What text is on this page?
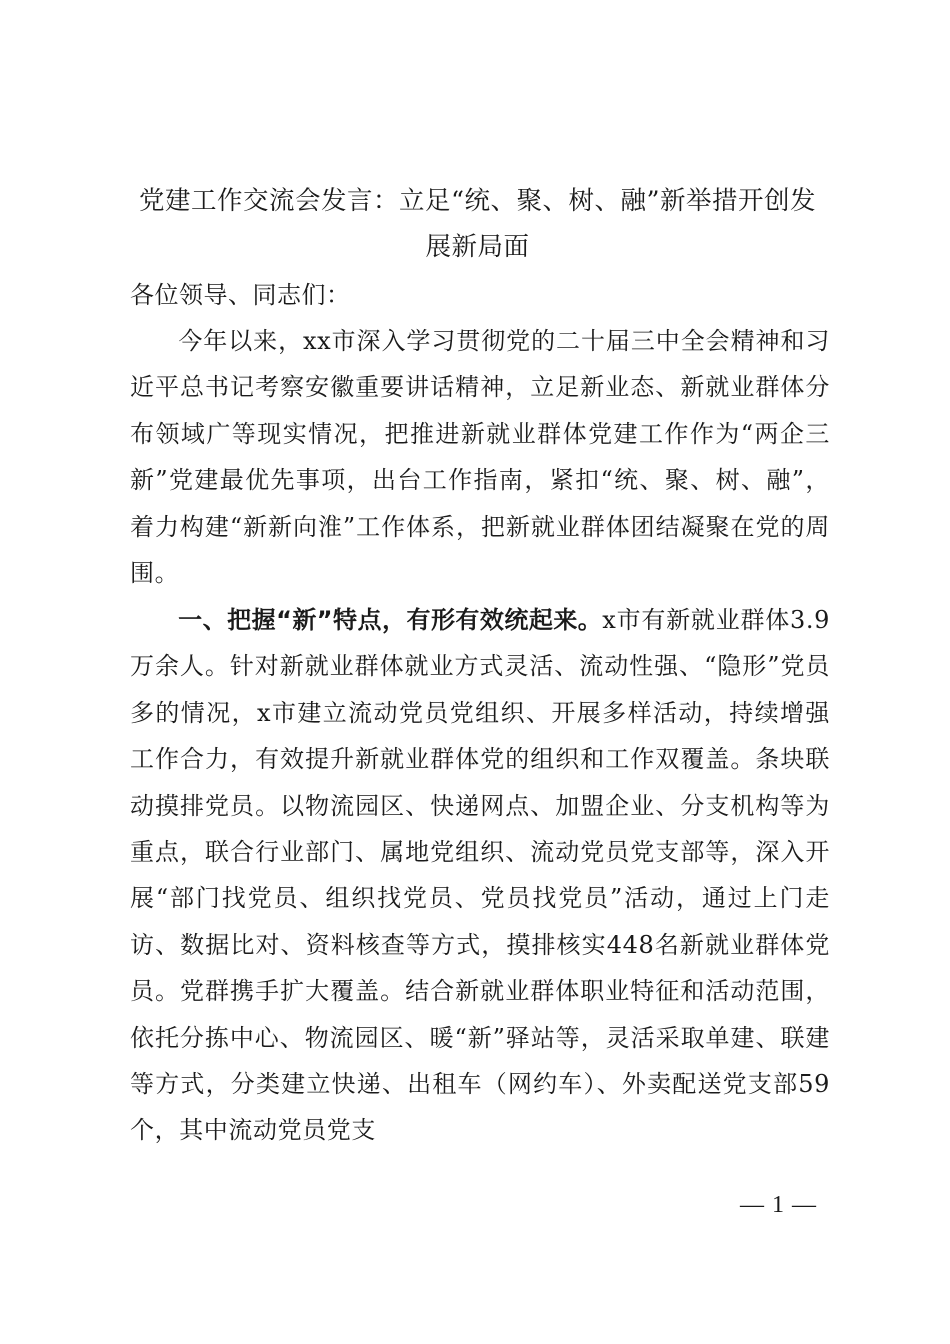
党建工作交流会发言：立足“统、聚、树、融”新举措开创发展新局面
各位领导、同志们：
今年以来，xx市深入学习贯彻党的二十届三中全会精神和习近平总书记考察安徽重要讲话精神，立足新业态、新就业群体分布领域广等现实情况，把推进新就业群体党建工作作为“两企三新”党建最优先事项，出台工作指南，紧扣“统、聚、树、融”，着力构建“新新向淮”工作体系，把新就业群体团结凝聚在党的周围。
一、把握“新”特点，有形有效统起来。x市有新就业群体3.9万余人。针对新就业群体就业方式灵活、流动性强、“隐形”党员多的情况，x市建立流动党员党组织、开展多样活动，持续增强工作合力，有效提升新就业群体党的组织和工作双覆盖。条块联动摸排党员。以物流园区、快递网点、加盟企业、分支机构等为重点，联合行业部门、属地党组织、流动党员党支部等，深入开展“部门找党员、组织找党员、党员找党员”活动，通过上门走访、数据比对、资料核查等方式，摸排核实448名新就业群体党员。党群携手扩大覆盖。结合新就业群体职业特征和活动范围，依托分拣中心、物流园区、暖“新”驿站等，灵活采取单建、联建等方式，分类建立快递、出租车（网约车）、外卖配送党支部59个，其中流动党员党支
— 1 —
